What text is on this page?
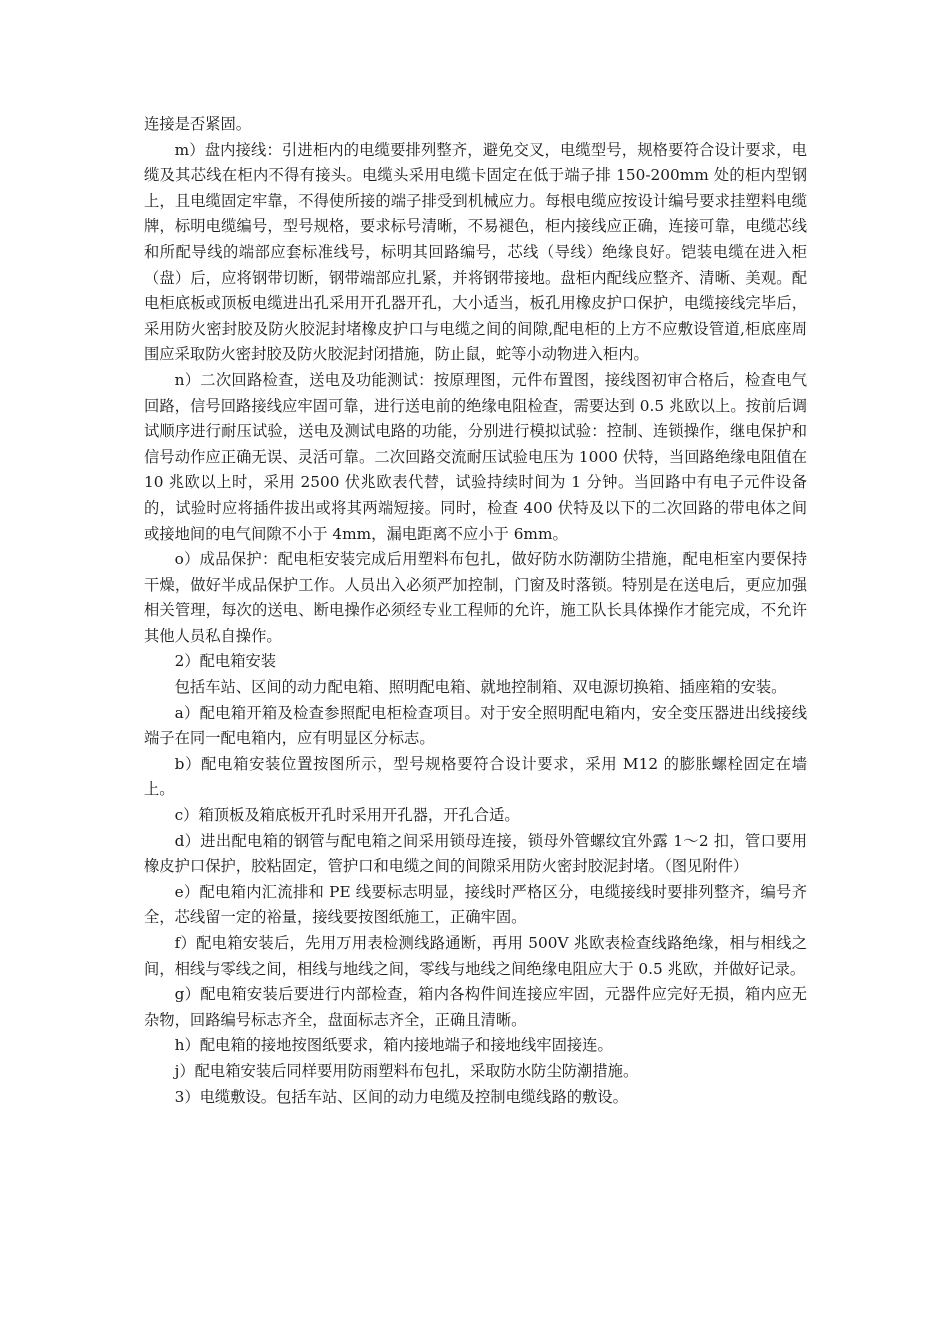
连接是否紧固。

m）盘内接线：引进柜内的电缆要排列整齐，避免交叉，电缆型号，规格要符合设计要求，电缆及其芯线在柜内不得有接头。电缆头采用电缆卡固定在低于端子排 150-200mm 处的柜内型钢上，且电缆固定牢靠，不得使所接的端子排受到机械应力。每根电缆应按设计编号要求挂塑料电缆牌，标明电缆编号，型号规格，要求标号清晰，不易褪色，柜内接线应正确，连接可靠，电缆芯线和所配导线的端部应套标准线号，标明其回路编号，芯线（导线）绝缘良好。铠装电缆在进入柜（盘）后，应将钢带切断，钢带端部应扎紧，并将钢带接地。盘柜内配线应整齐、清晰、美观。配电柜底板或顶板电缆进出孔采用开孔器开孔，大小适当，板孔用橡皮护口保护，电缆接线完毕后，采用防火密封胶及防火胶泥封堵橡皮护口与电缆之间的间隙,配电柜的上方不应敷设管道,柜底座周围应采取防火密封胶及防火胶泥封闭措施，防止鼠，蛇等小动物进入柜内。

n）二次回路检查，送电及功能测试：按原理图，元件布置图，接线图初审合格后，检查电气回路，信号回路接线应牢固可靠，进行送电前的绝缘电阻检查，需要达到 0.5 兆欧以上。按前后调试顺序进行耐压试验，送电及测试电路的功能，分别进行模拟试验：控制、连锁操作，继电保护和信号动作应正确无误、灵活可靠。二次回路交流耐压试验电压为 1000 伏特，当回路绝缘电阻值在 10 兆欧以上时，采用 2500 伏兆欧表代替，试验持续时间为 1 分钟。当回路中有电子元件设备的，试验时应将插件拔出或将其两端短接。同时，检查 400 伏特及以下的二次回路的带电体之间或接地间的电气间隙不小于 4mm，漏电距离不应小于 6mm。

o）成品保护：配电柜安装完成后用塑料布包扎，做好防水防潮防尘措施，配电柜室内要保持干燥，做好半成品保护工作。人员出入必须严加控制，门窗及时落锁。特别是在送电后，更应加强相关管理，每次的送电、断电操作必须经专业工程师的允许，施工队长具体操作才能完成，不允许其他人员私自操作。

2）配电箱安装

包括车站、区间的动力配电箱、照明配电箱、就地控制箱、双电源切换箱、插座箱的安装。

a）配电箱开箱及检查参照配电柜检查项目。对于安全照明配电箱内，安全变压器进出线接线端子在同一配电箱内，应有明显区分标志。

b）配电箱安装位置按图所示，型号规格要符合设计要求，采用 M12 的膨胀螺栓固定在墙上。

c）箱顶板及箱底板开孔时采用开孔器，开孔合适。

d）进出配电箱的钢管与配电箱之间采用锁母连接，锁母外管螺纹宜外露 1～2 扣，管口要用橡皮护口保护，胶粘固定，管护口和电缆之间的间隙采用防火密封胶泥封堵。（图见附件）

e）配电箱内汇流排和 PE 线要标志明显，接线时严格区分，电缆接线时要排列整齐，编号齐全，芯线留一定的裕量，接线要按图纸施工，正确牢固。

f）配电箱安装后，先用万用表检测线路通断，再用 500V 兆欧表检查线路绝缘，相与相线之间，相线与零线之间，相线与地线之间，零线与地线之间绝缘电阻应大于 0.5 兆欧，并做好记录。

g）配电箱安装后要进行内部检查，箱内各构件间连接应牢固，元器件应完好无损，箱内应无杂物，回路编号标志齐全，盘面标志齐全，正确且清晰。

h）配电箱的接地按图纸要求，箱内接地端子和接地线牢固接连。

j）配电箱安装后同样要用防雨塑料布包扎，采取防水防尘防潮措施。

3）电缆敷设。包括车站、区间的动力电缆及控制电缆线路的敷设。
